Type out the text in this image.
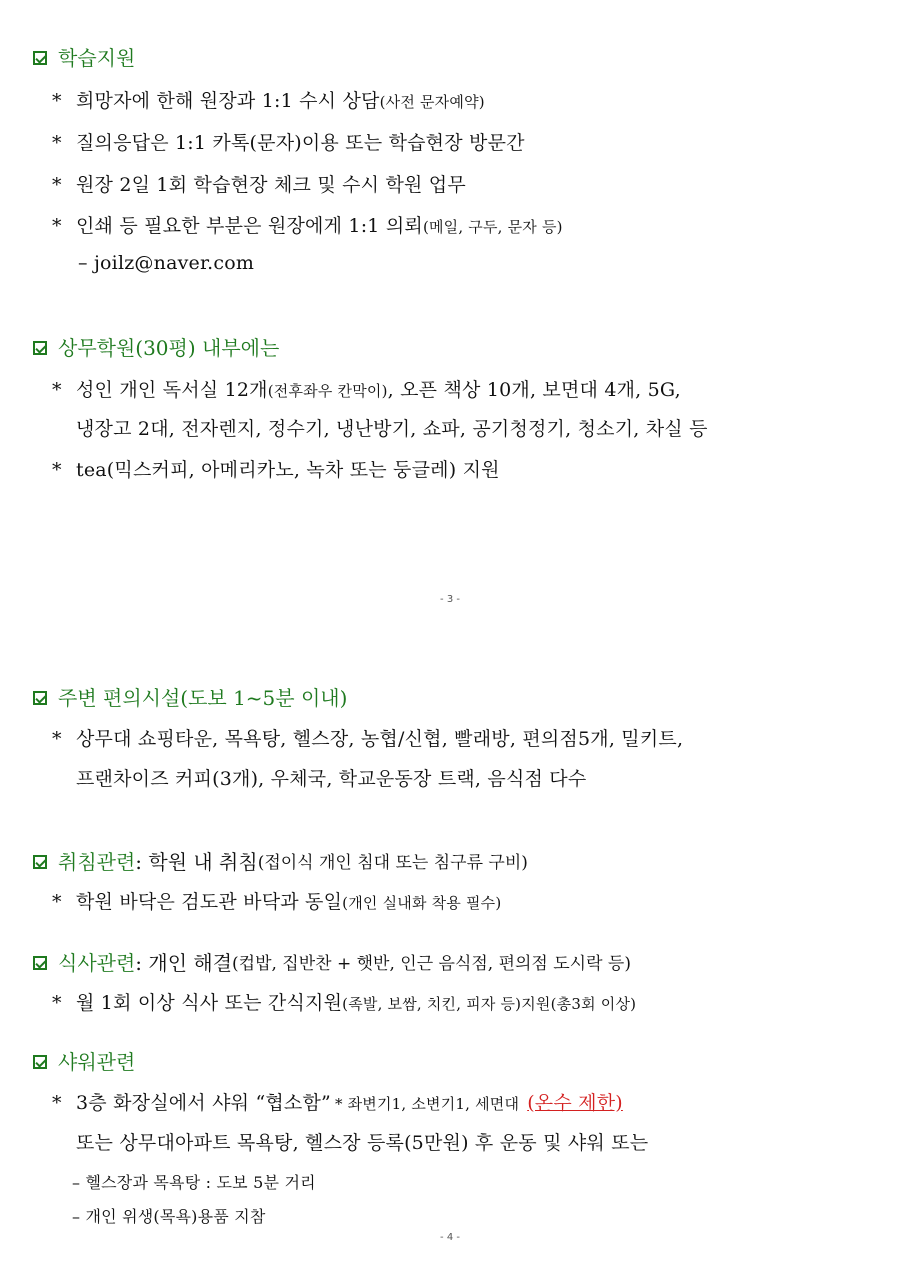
학습지원
* 희망자에 한해 원장과 1:1 수시 상담(사전 문자예약)
* 질의응답은 1:1 카톡(문자)이용 또는 학습현장 방문간
* 원장 2일 1회 학습현장 체크 및 수시 학원 업무
* 인쇄 등 필요한 부분은 원장에게 1:1 의뢰(메일, 구두, 문자 등)
– joilz@naver.com
상무학원(30평) 내부에는
* 성인 개인 독서실 12개(전후좌우 칸막이), 오픈 책상 10개, 보면대 4개, 5G,
냉장고 2대, 전자렌지, 정수기, 냉난방기, 쇼파, 공기청정기, 청소기, 차실 등
* tea(믹스커피, 아메리카노, 녹차 또는 둥글레) 지원
- 3 -
주변 편의시설(도보 1~5분 이내)
* 상무대 쇼핑타운, 목욕탕, 헬스장, 농협/신협, 빨래방, 편의점5개, 밀키트,
프랜차이즈 커피(3개), 우체국, 학교운동장 트랙, 음식점 다수
취침관련 : 학원 내 취침 (접이식 개인 침대 또는 침구류 구비)
* 학원 바닥은 검도관 바닥과 동일(개인 실내화 착용 필수)
식사관련 : 개인 해결 (컵밥, 집반찬 + 햇반, 인근 음식점, 편의점 도시락 등)
* 월 1회 이상 식사 또는 간식지원(족발, 보쌈, 치킨, 피자 등)지원(총3회 이상)
샤워관련
* 3층 화장실에서 샤워 “협소함” * 좌변기1, 소변기1, 세면대 (온수 제한)
또는 상무대아파트 목욕탕, 헬스장 등록(5만원) 후 운동 및 샤워 또는
– 헬스장과 목욕탕 : 도보 5분 거리
– 개인 위생(목욕)용품 지참
- 4 -
